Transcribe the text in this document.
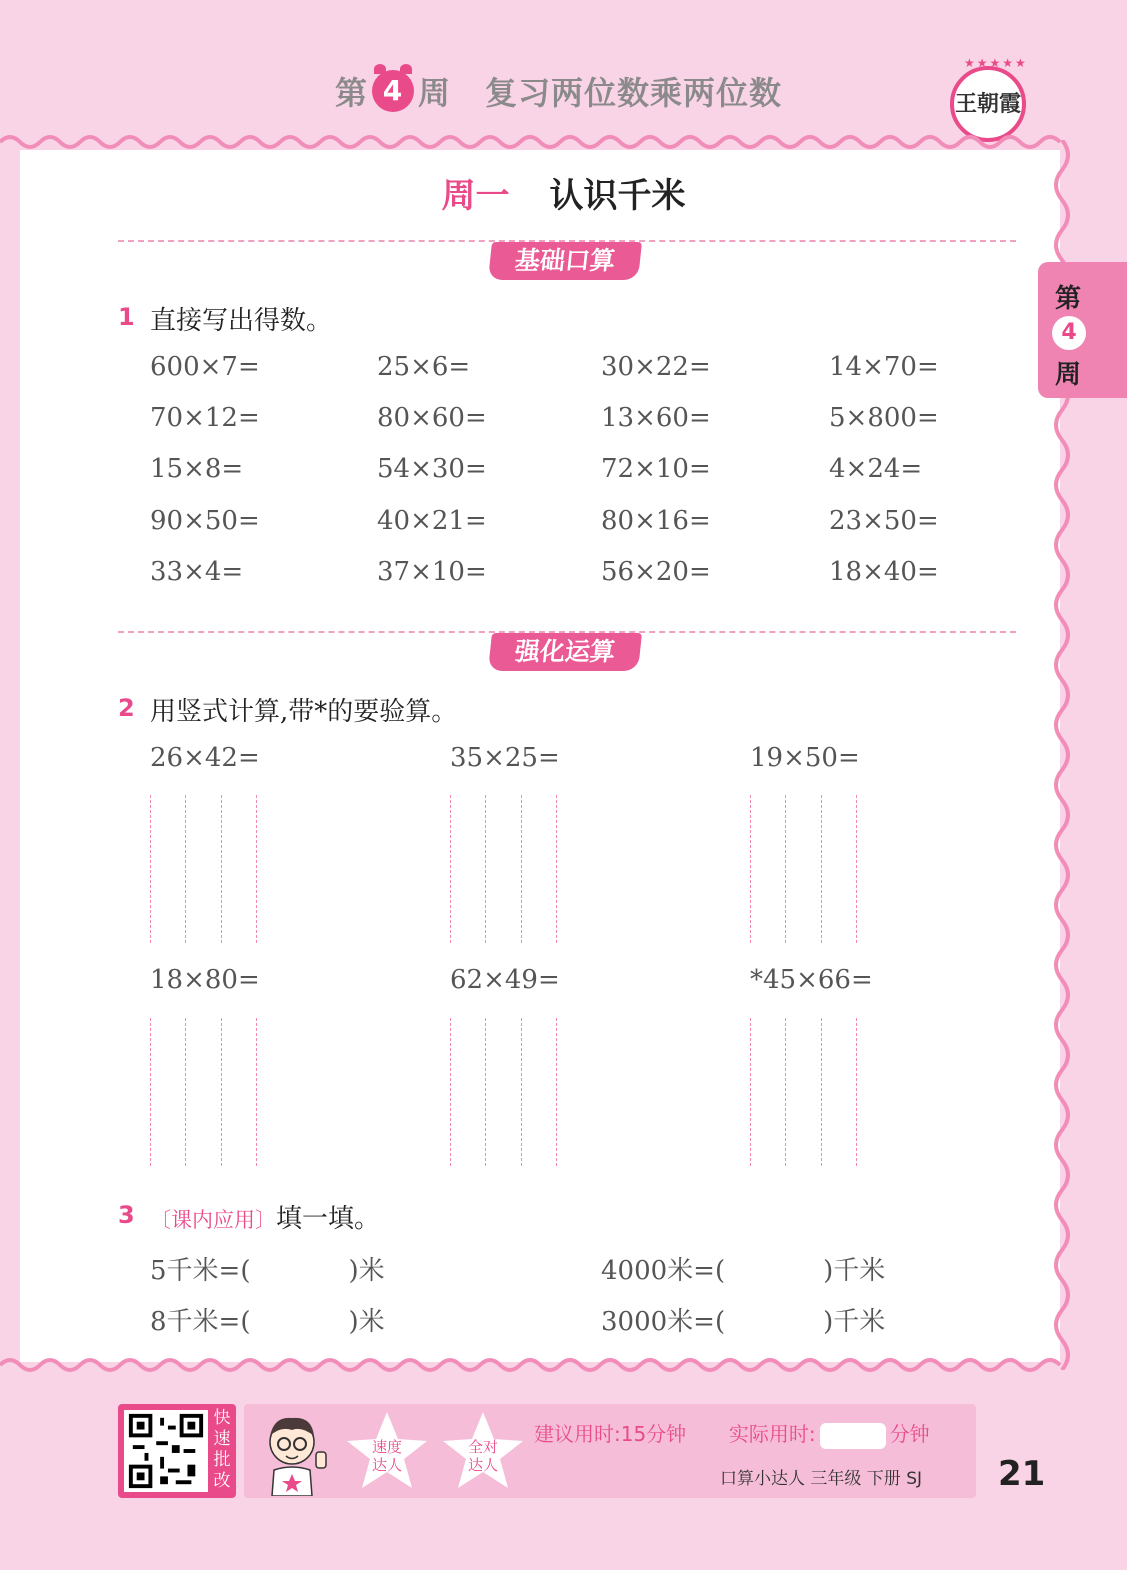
第 4 周 复习两位数乘两位数
★★★★★
王朝霞
第
4
周
周一 认识千米
基础口算
1 直接写出得数。
600×7=	25×6=	30×22=	14×70=
70×12=	80×60=	13×60=	5×800=
15×8=	54×30=	72×10=	4×24=
90×50=	40×21=	80×16=	23×50=
33×4=	37×10=	56×20=	18×40=
强化运算
2 用竖式计算,带*的要验算。
26×42=	35×25=	19×50=
18×80=	62×49=	*45×66=
3 〔课内应用〕填一填。
5千米=(	)米	4000米=(	)千米
8千米=(	)米	3000米=(	)千米
快速批改
速度
达人
全对
达人
建议用时:15分钟 实际用时:	分钟
口算小达人 三年级 下册 SJ 21
